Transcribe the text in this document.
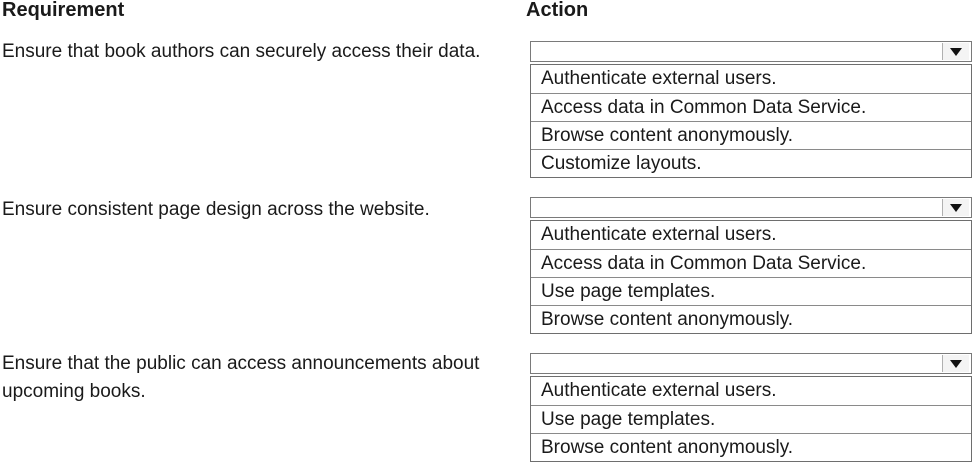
Requirement	Action
Ensure that book authors can securely access their data.
Authenticate external users.
Access data in Common Data Service.
Browse content anonymously.
Customize layouts.
Ensure consistent page design across the website.
Authenticate external users.
Access data in Common Data Service.
Use page templates.
Browse content anonymously.
Ensure that the public can access announcements about upcoming books.	Authenticate external users.
Use page templates.
Browse content anonymously.
